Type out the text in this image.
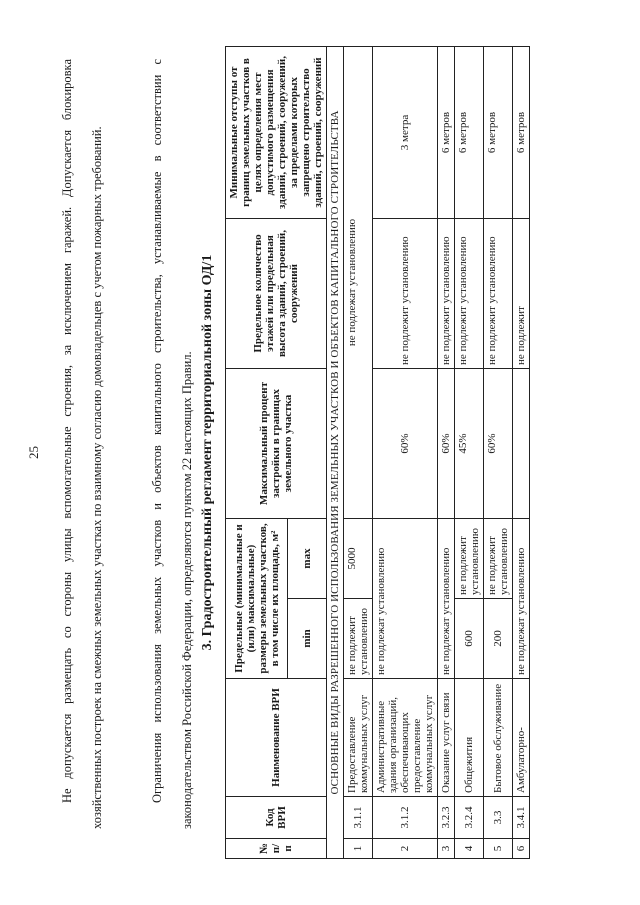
25	Не допускается размещать со стороны улицы вспомогательные строения, за исключением гаражей. Допускается блокировка хозяйственных построек на смежных земельных участках по взаимному согласию домовладельцев с учетом пожарных требований.	Ограничения использования земельных участков и объектов капитального строительства, устанавливаемые в соответствии с законодательством Российской Федерации, определяются пунктом 22 настоящих Правил. 3. Градостроительный регламент территориальной зоны ОД/1

№ п/п	Код ВРИ	Наименование ВРИ	Предельные (минимальные и (или) максимальные) размеры земельных участков, в том числе их площадь, м²		Максимальный процент застройки в границах земельного участка	Предельное количество этажей или предельная высота зданий, строений, сооружений	Минимальные отступы от границ земельных участков в целях определения мест допустимого размещения зданий, строений, сооружений, за пределами которых запрещено строительство зданий, строений, сооружений
			min	max			
ОСНОВНЫЕ ВИДЫ РАЗРЕШЕННОГО ИСПОЛЬЗОВАНИЯ ЗЕМЕЛЬНЫХ УЧАСТКОВ И ОБЪЕКТОВ КАПИТАЛЬНОГО СТРОИТЕЛЬСТВА							
1	3.1.1	Предоставление коммунальных услуг	не подлежит установлению	5000	не подлежат установлению		
2	3.1.2	Административные здания организаций, обеспечивающих предоставление коммунальных услуг	не подлежат установлению		60%	не подлежит установлению	3 метра
3	3.2.3	Оказание услуг связи	не подлежат установлению		60%	не подлежит установлению	6 метров
4	3.2.4	Общежития	600	не подлежит установлению	45%	не подлежит установлению	6 метров
5	3.3	Бытовое обслуживание	200	не подлежит установлению	60%	не подлежит установлению	6 метров
6	3.4.1	Амбулаторно-	не подлежат установлению			не подлежит	6 метров
